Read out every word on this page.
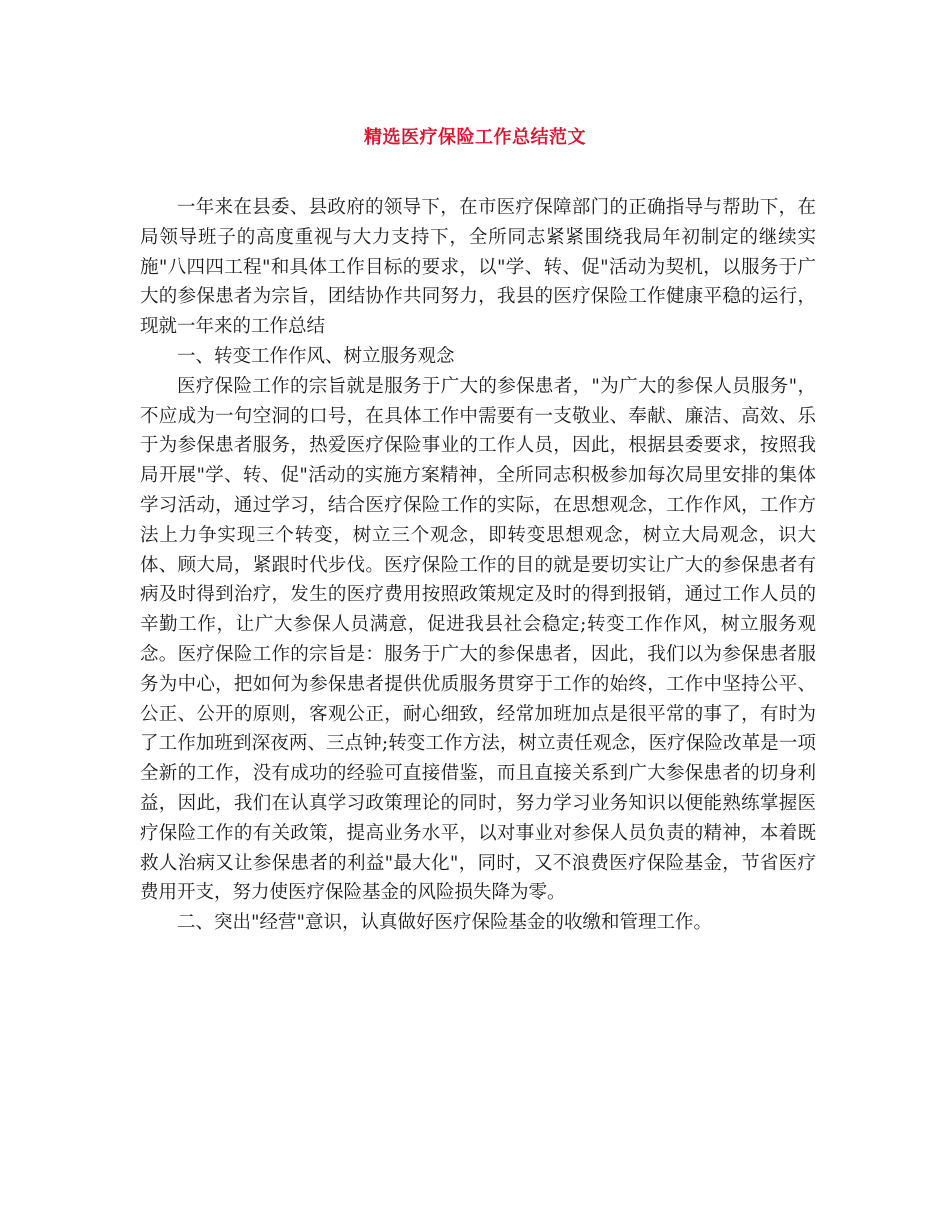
精选医疗保险工作总结范文

一年来在县委、县政府的领导下，在市医疗保障部门的正确指导与帮助下，在局领导班子的高度重视与大力支持下，全所同志紧紧围绕我局年初制定的继续实施"八四四工程"和具体工作目标的要求，以"学、转、促"活动为契机，以服务于广大的参保患者为宗旨，团结协作共同努力，我县的医疗保险工作健康平稳的运行，现就一年来的工作总结

一、转变工作作风、树立服务观念

医疗保险工作的宗旨就是服务于广大的参保患者，"为广大的参保人员服务"，不应成为一句空洞的口号，在具体工作中需要有一支敬业、奉献、廉洁、高效、乐于为参保患者服务，热爱医疗保险事业的工作人员，因此，根据县委要求，按照我局开展"学、转、促"活动的实施方案精神，全所同志积极参加每次局里安排的集体学习活动，通过学习，结合医疗保险工作的实际，在思想观念，工作作风，工作方法上力争实现三个转变，树立三个观念，即转变思想观念，树立大局观念，识大体、顾大局，紧跟时代步伐。医疗保险工作的目的就是要切实让广大的参保患者有病及时得到治疗，发生的医疗费用按照政策规定及时的得到报销，通过工作人员的辛勤工作，让广大参保人员满意，促进我县社会稳定;转变工作作风，树立服务观念。医疗保险工作的宗旨是：服务于广大的参保患者，因此，我们以为参保患者服务为中心，把如何为参保患者提供优质服务贯穿于工作的始终，工作中坚持公平、公正、公开的原则，客观公正，耐心细致，经常加班加点是很平常的事了，有时为了工作加班到深夜两、三点钟;转变工作方法，树立责任观念，医疗保险改革是一项全新的工作，没有成功的经验可直接借鉴，而且直接关系到广大参保患者的切身利益，因此，我们在认真学习政策理论的同时，努力学习业务知识以便能熟练掌握医疗保险工作的有关政策，提高业务水平，以对事业对参保人员负责的精神，本着既救人治病又让参保患者的利益"最大化"，同时，又不浪费医疗保险基金，节省医疗费用开支，努力使医疗保险基金的风险损失降为零。

二、突出"经营"意识，认真做好医疗保险基金的收缴和管理工作。
